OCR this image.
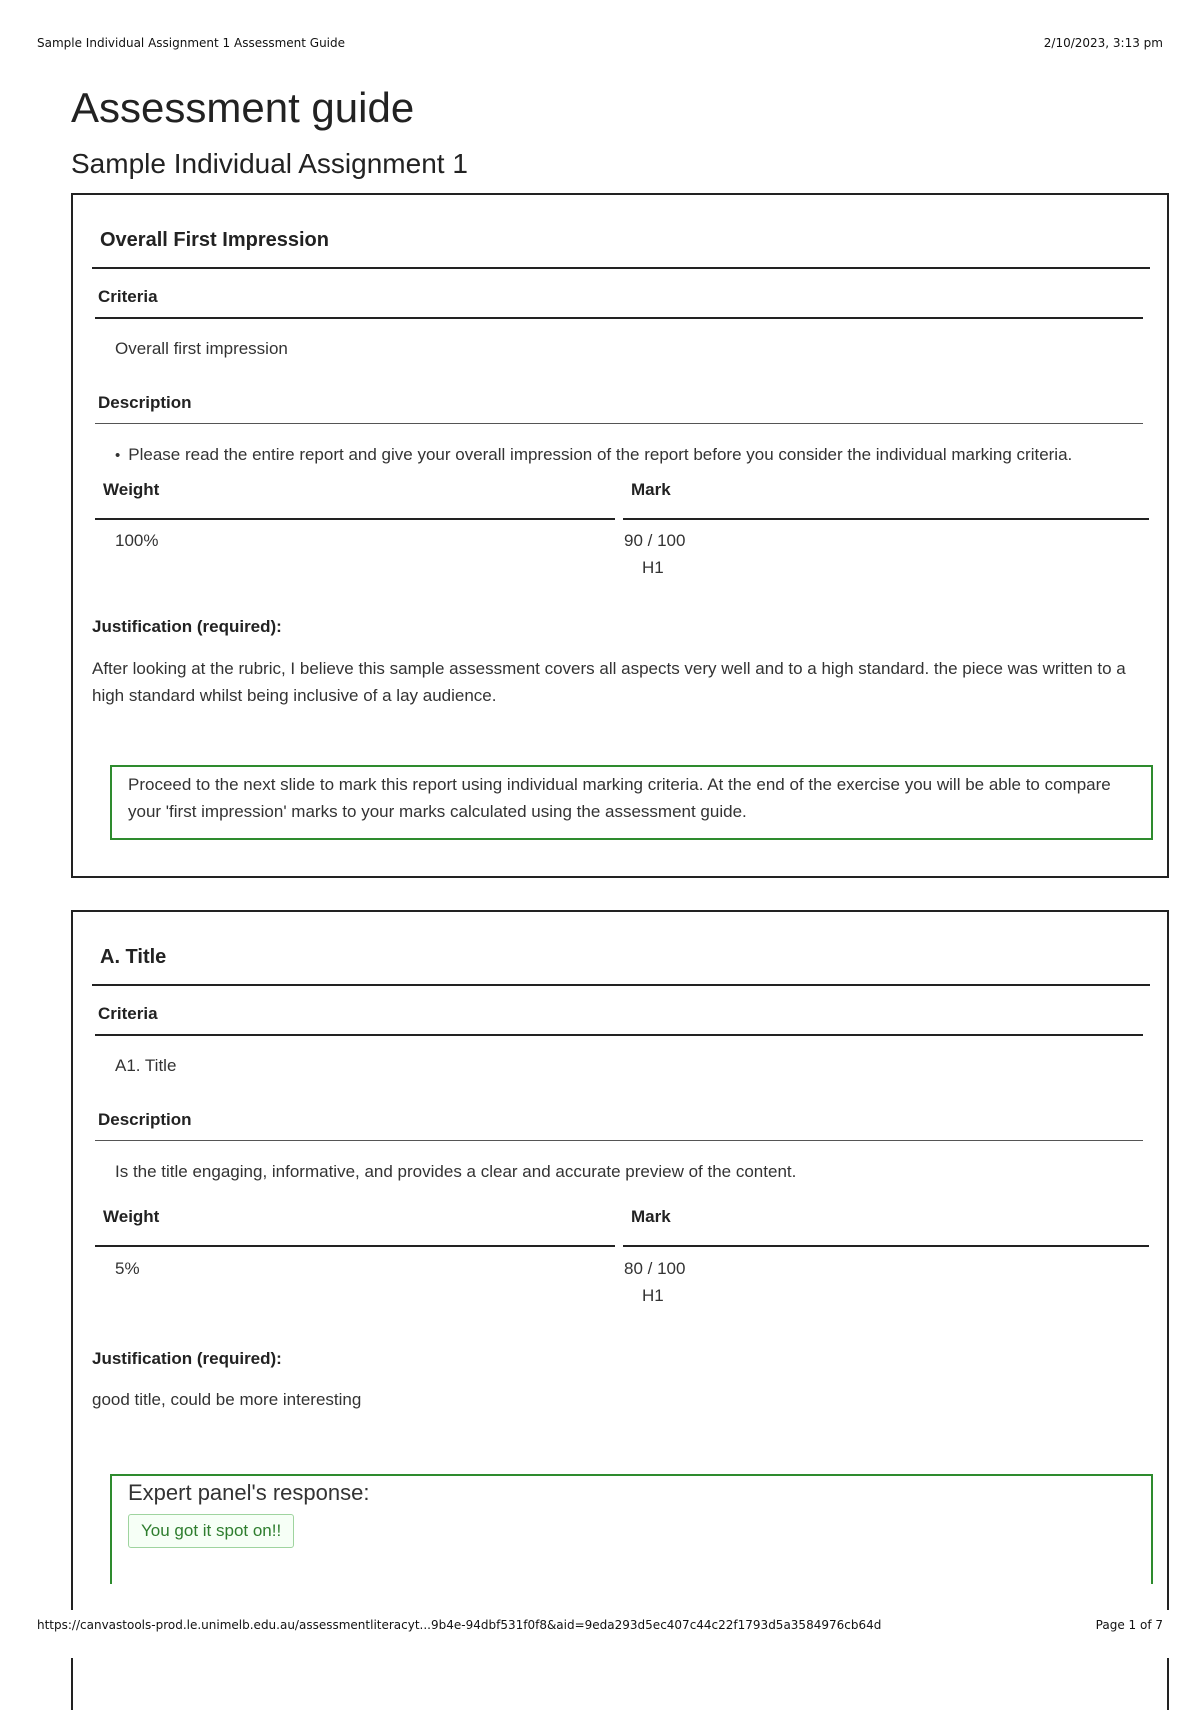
Sample Individual Assignment 1 Assessment Guide	2/10/2023, 3:13 pm
Assessment guide
Sample Individual Assignment 1
Overall First Impression
Criteria
Overall first impression
Description
• Please read the entire report and give your overall impression of the report before you consider the individual marking criteria.
Weight	Mark
100%	90 / 100
H1
Justification (required):
After looking at the rubric, I believe this sample assessment covers all aspects very well and to a high standard. the piece was written to a high standard whilst being inclusive of a lay audience.
Proceed to the next slide to mark this report using individual marking criteria. At the end of the exercise you will be able to compare your 'first impression' marks to your marks calculated using the assessment guide.
A. Title
Criteria
A1. Title
Description
Is the title engaging, informative, and provides a clear and accurate preview of the content.
Weight	Mark
5%	80 / 100
H1
Justification (required):
good title, could be more interesting
Expert panel's response:
You got it spot on!!
https://canvastools-prod.le.unimelb.edu.au/assessmentliteracyt...9b4e-94dbf531f0f8&aid=9eda293d5ec407c44c22f1793d5a3584976cb64d	Page 1 of 7
